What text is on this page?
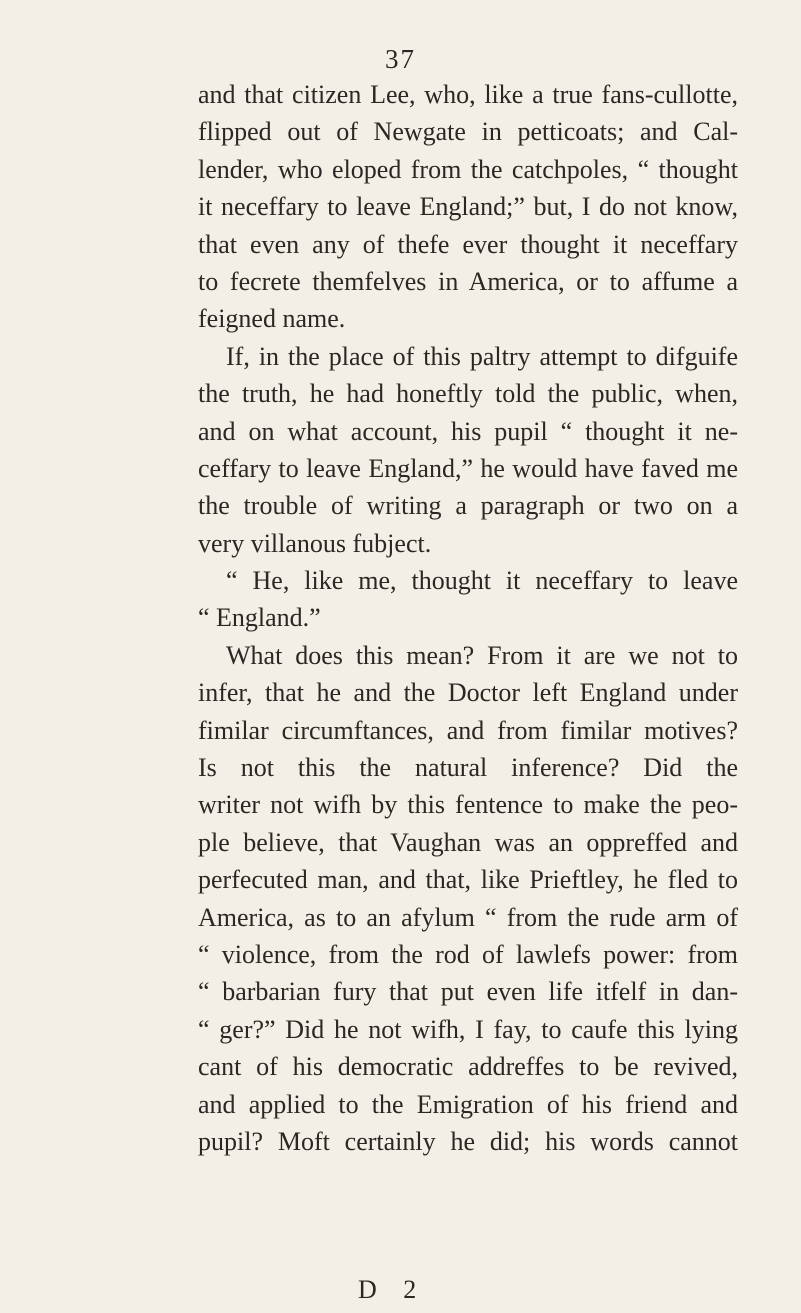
37
and that citizen Lee, who, like a true fans-cullotte,
flipped out of Newgate in petticoats; and Cal-
lender, who eloped from the catchpoles, “ thought
it neceffary to leave England;” but, I do not know,
that even any of thefe ever thought it neceffary
to fecrete themfelves in America, or to affume a
feigned name.
If, in the place of this paltry attempt to difguife
the truth, he had honeftly told the public, when,
and on what account, his pupil “ thought it ne-
ceffary to leave England,” he would have faved me
the trouble of writing a paragraph or two on a
very villanous fubject.
“ He, like me, thought it neceffary to leave
“ England.”
What does this mean? From it are we not to
infer, that he and the Doctor left England under
fimilar circumftances, and from fimilar motives?
Is not this the natural inference? Did the
writer not wifh by this fentence to make the peo-
ple believe, that Vaughan was an oppreffed and
perfecuted man, and that, like Prieftley, he fled to
America, as to an afylum “ from the rude arm of
“ violence, from the rod of lawlefs power: from
“ barbarian fury that put even life itfelf in dan-
“ ger?” Did he not wifh, I fay, to caufe this lying
cant of his democratic addreffes to be revived,
and applied to the Emigration of his friend and
pupil? Moft certainly he did; his words cannot
D 2
